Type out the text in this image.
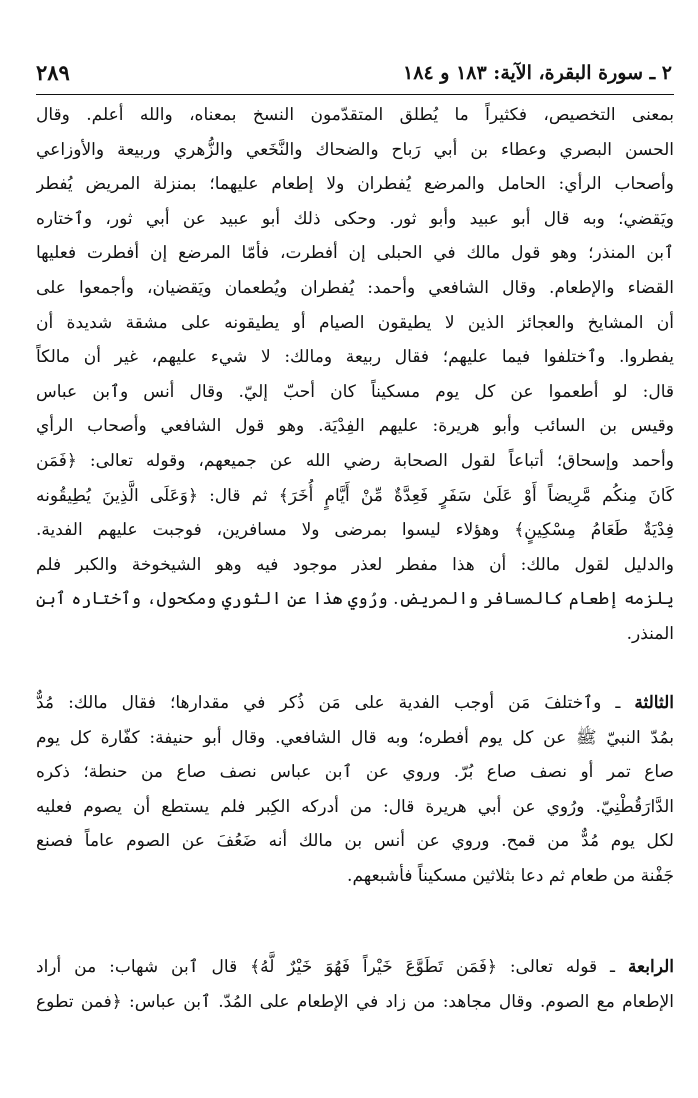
٢ ـ سورة البقرة، الآية: ١٨٣ و ١٨٤
٢٨٩
بمعنى التخصيص، فكثيراً ما يُطلق المتقدّمون النسخ بمعناه، والله أعلم. وقال
الحسن البصري وعطاء بن أبي رَباح والضحاك والنَّخَعي والزُّهري وربيعة والأوزاعي
وأصحاب الرأي: الحامل والمرضع يُفطران ولا إطعام عليهما؛ بمنزلة المريض يُفطر
ويَقضي؛ وبه قال أبو عبيد وأبو ثور. وحكى ذلك أبو عبيد عن أبي ثور، وٱختاره
ٱبن المنذر؛ وهو قول مالك في الحبلى إن أفطرت، فأمّا المرضع إن أفطرت فعليها
القضاء والإطعام. وقال الشافعي وأحمد: يُفطران ويُطعمان ويَقضيان، وأجمعوا على
أن المشايخ والعجائز الذين لا يطيقون الصيام أو يطيقونه على مشقة شديدة أن
يفطروا. وٱختلفوا فيما عليهم؛ فقال ربيعة ومالك: لا شيء عليهم، غير أن مالكاً
قال: لو أطعموا عن كل يوم مسكيناً كان أحبّ إليّ. وقال أنس وٱبن عباس
وقيس بن السائب وأبو هريرة: عليهم الفِدْيَة. وهو قول الشافعي وأصحاب الرأي
وأحمد وإسحاق؛ أتباعاً لقول الصحابة رضي الله عن جميعهم، وقوله تعالى: ﴿فَمَن
كَانَ مِنكُم مَّرِيضاً أَوْ عَلَىٰ سَفَرٍ فَعِدَّةٌ مِّنْ أَيَّامٍ أُخَرَ﴾ ثم قال: ﴿وَعَلَى الَّذِينَ يُطِيقُونه
فِدْيَةٌ طَعَامُ مِسْكِينٍ﴾ وهؤلاء ليسوا بمرضى ولا مسافرين، فوجبت عليهم الفدية.
والدليل لقول مالك: أن هذا مفطر لعذر موجود فيه وهو الشيخوخة والكبر فلم
يلزمه إطعام كالمسافر والمريض. ورُوي هذا عن الثوري ومكحول، وٱختاره ٱبن
المنذر.
الثالثة ـ وٱختلفَ مَن أوجب الفدية على مَن ذُكر في مقدارها؛ فقال مالك: مُدٌّ
بمُدّ النبيّ ﷺ عن كل يوم أفطره؛ وبه قال الشافعي. وقال أبو حنيفة: كفّارة كل يوم
صاع تمر أو نصف صاع بُرّ. وروي عن ٱبن عباس نصف صاع من حنطة؛ ذكره
الدَّارَقُطْنِيّ. ورُوي عن أبي هريرة قال: من أدركه الكِبر فلم يستطع أن يصوم فعليه
لكل يوم مُدٌّ من قمح. وروي عن أنس بن مالك أنه ضَعُفَ عن الصوم عاماً فصنع
جَفْنة من طعام ثم دعا بثلاثين مسكيناً فأشبعهم.
الرابعة ـ قوله تعالى: ﴿فَمَن تَطَوَّعَ خَيْراً فَهُوَ خَيْرٌ لَّهُ﴾ قال ٱبن شهاب: من أراد
الإطعام مع الصوم. وقال مجاهد: من زاد في الإطعام على المُدّ. ٱبن عباس: ﴿فمن تطوع
